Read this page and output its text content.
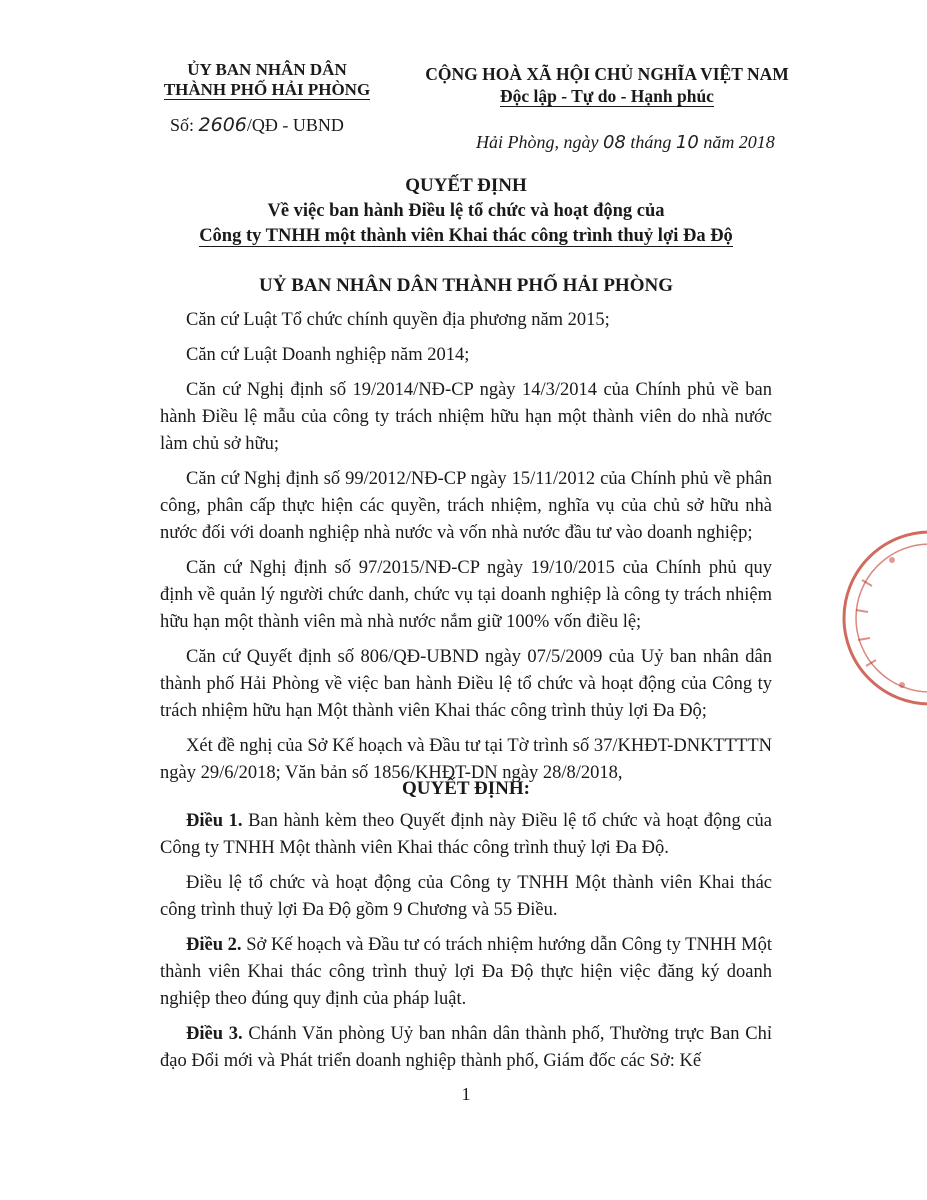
ỦY BAN NHÂN DÂN
THÀNH PHỐ HẢI PHÒNG
Số: 2606/QĐ - UBND
CỘNG HOÀ XÃ HỘI CHỦ NGHĨA VIỆT NAM
Độc lập - Tự do - Hạnh phúc
Hải Phòng, ngày 08 tháng 10 năm 2018
QUYẾT ĐỊNH
Về việc ban hành Điều lệ tổ chức và hoạt động của
Công ty TNHH một thành viên Khai thác công trình thuỷ lợi Đa Độ
UỶ BAN NHÂN DÂN THÀNH PHỐ HẢI PHÒNG

Căn cứ Luật Tổ chức chính quyền địa phương năm 2015;

Căn cứ Luật Doanh nghiệp năm 2014;

Căn cứ Nghị định số 19/2014/NĐ-CP ngày 14/3/2014 của Chính phủ về ban hành Điều lệ mẫu của công ty trách nhiệm hữu hạn một thành viên do nhà nước làm chủ sở hữu;

Căn cứ Nghị định số 99/2012/NĐ-CP ngày 15/11/2012 của Chính phủ về phân công, phân cấp thực hiện các quyền, trách nhiệm, nghĩa vụ của chủ sở hữu nhà nước đối với doanh nghiệp nhà nước và vốn nhà nước đầu tư vào doanh nghiệp;

Căn cứ Nghị định số 97/2015/NĐ-CP ngày 19/10/2015 của Chính phủ quy định về quản lý người chức danh, chức vụ tại doanh nghiệp là công ty trách nhiệm hữu hạn một thành viên mà nhà nước nắm giữ 100% vốn điều lệ;

Căn cứ Quyết định số 806/QĐ-UBND ngày 07/5/2009 của Uỷ ban nhân dân thành phố Hải Phòng về việc ban hành Điều lệ tổ chức và hoạt động của Công ty trách nhiệm hữu hạn Một thành viên Khai thác công trình thủy lợi Đa Độ;

Xét đề nghị của Sở Kế hoạch và Đầu tư tại Tờ trình số 37/KHĐT-DNKTTTTN ngày 29/6/2018; Văn bản số 1856/KHĐT-DN ngày 28/8/2018,

QUYẾT ĐỊNH:

Điều 1. Ban hành kèm theo Quyết định này Điều lệ tổ chức và hoạt động của Công ty TNHH Một thành viên Khai thác công trình thuỷ lợi Đa Độ.

Điều lệ tổ chức và hoạt động của Công ty TNHH Một thành viên Khai thác công trình thuỷ lợi Đa Độ gồm 9 Chương và 55 Điều.

Điều 2. Sở Kế hoạch và Đầu tư có trách nhiệm hướng dẫn Công ty TNHH Một thành viên Khai thác công trình thuỷ lợi Đa Độ thực hiện việc đăng ký doanh nghiệp theo đúng quy định của pháp luật.

Điều 3. Chánh Văn phòng Uỷ ban nhân dân thành phố, Thường trực Ban Chỉ đạo Đổi mới và Phát triển doanh nghiệp thành phố, Giám đốc các Sở: Kế

1
